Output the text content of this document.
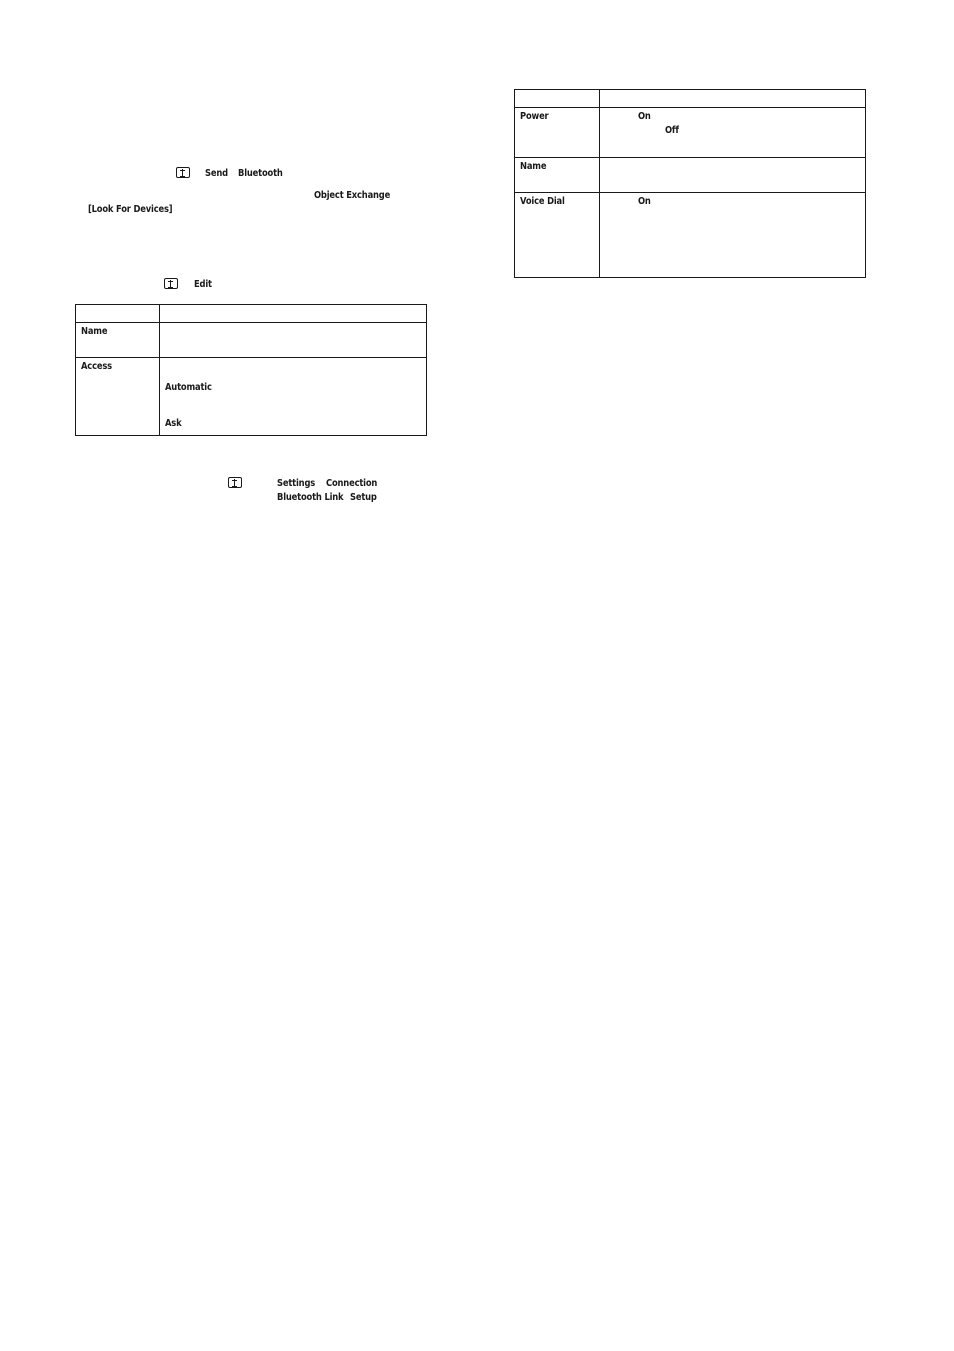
Send Bluetooth
Object Exchange
[Look For Devices]
Edit
Name
Access
Automatic
Ask
Settings Connection
Bluetooth Link Setup
Power	On
Off
Name
Voice Dial	On
